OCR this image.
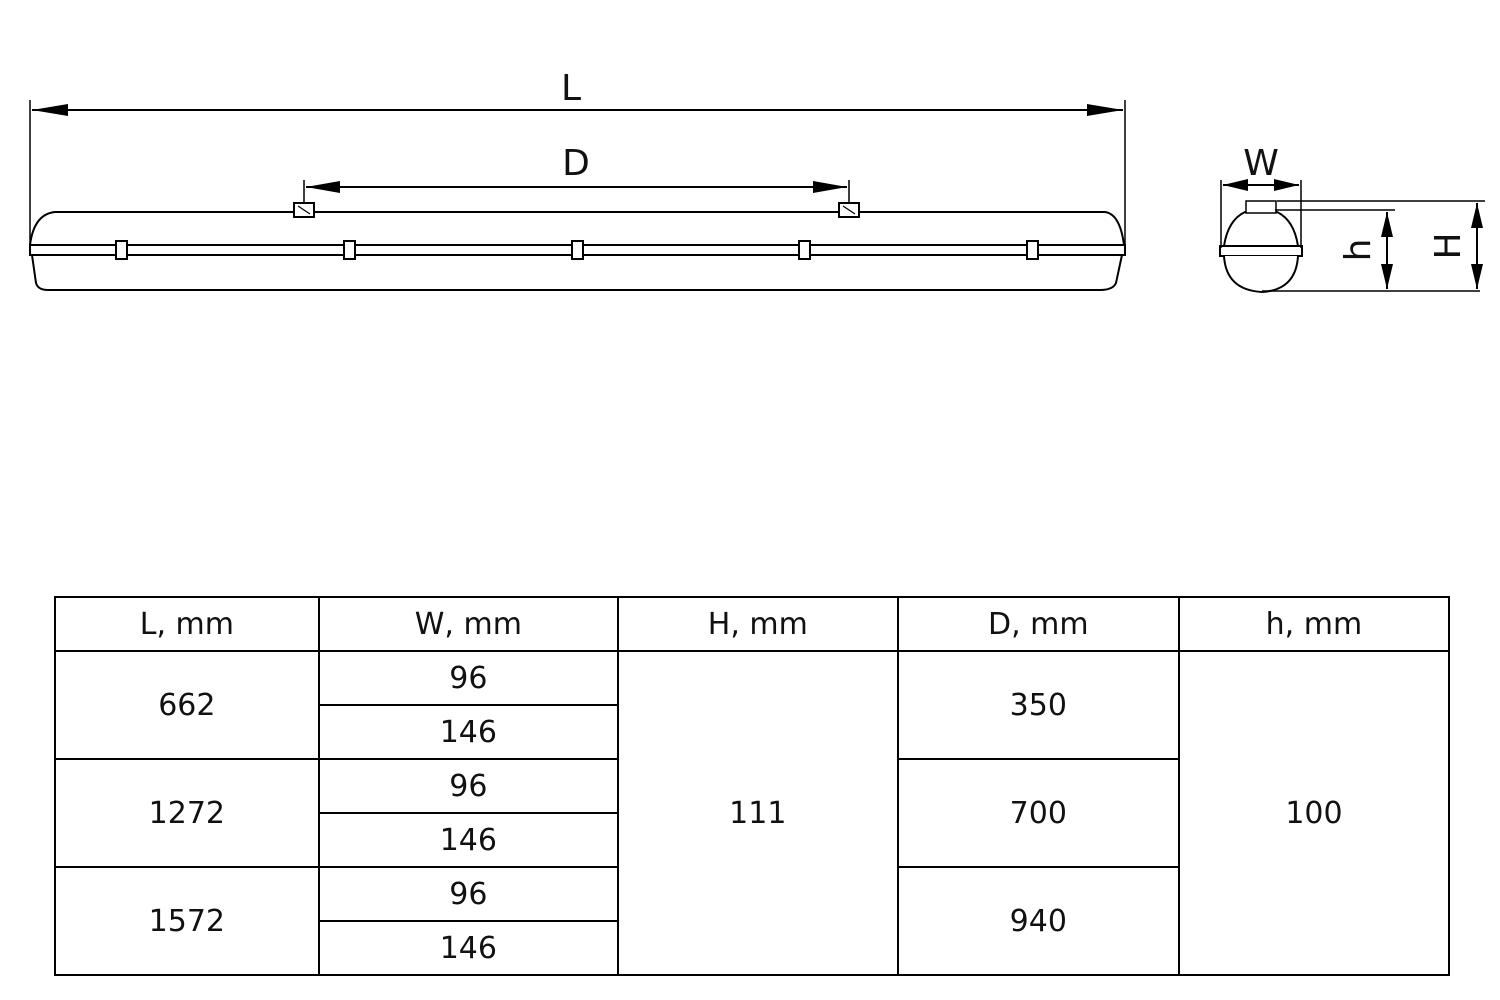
L
D	W
h H
L, mm	W, mm	H, mm	D, mm	h, mm
662	96	111	350	100
	146			
1272	96		700	
	146			
1572	96		940	
	146			
